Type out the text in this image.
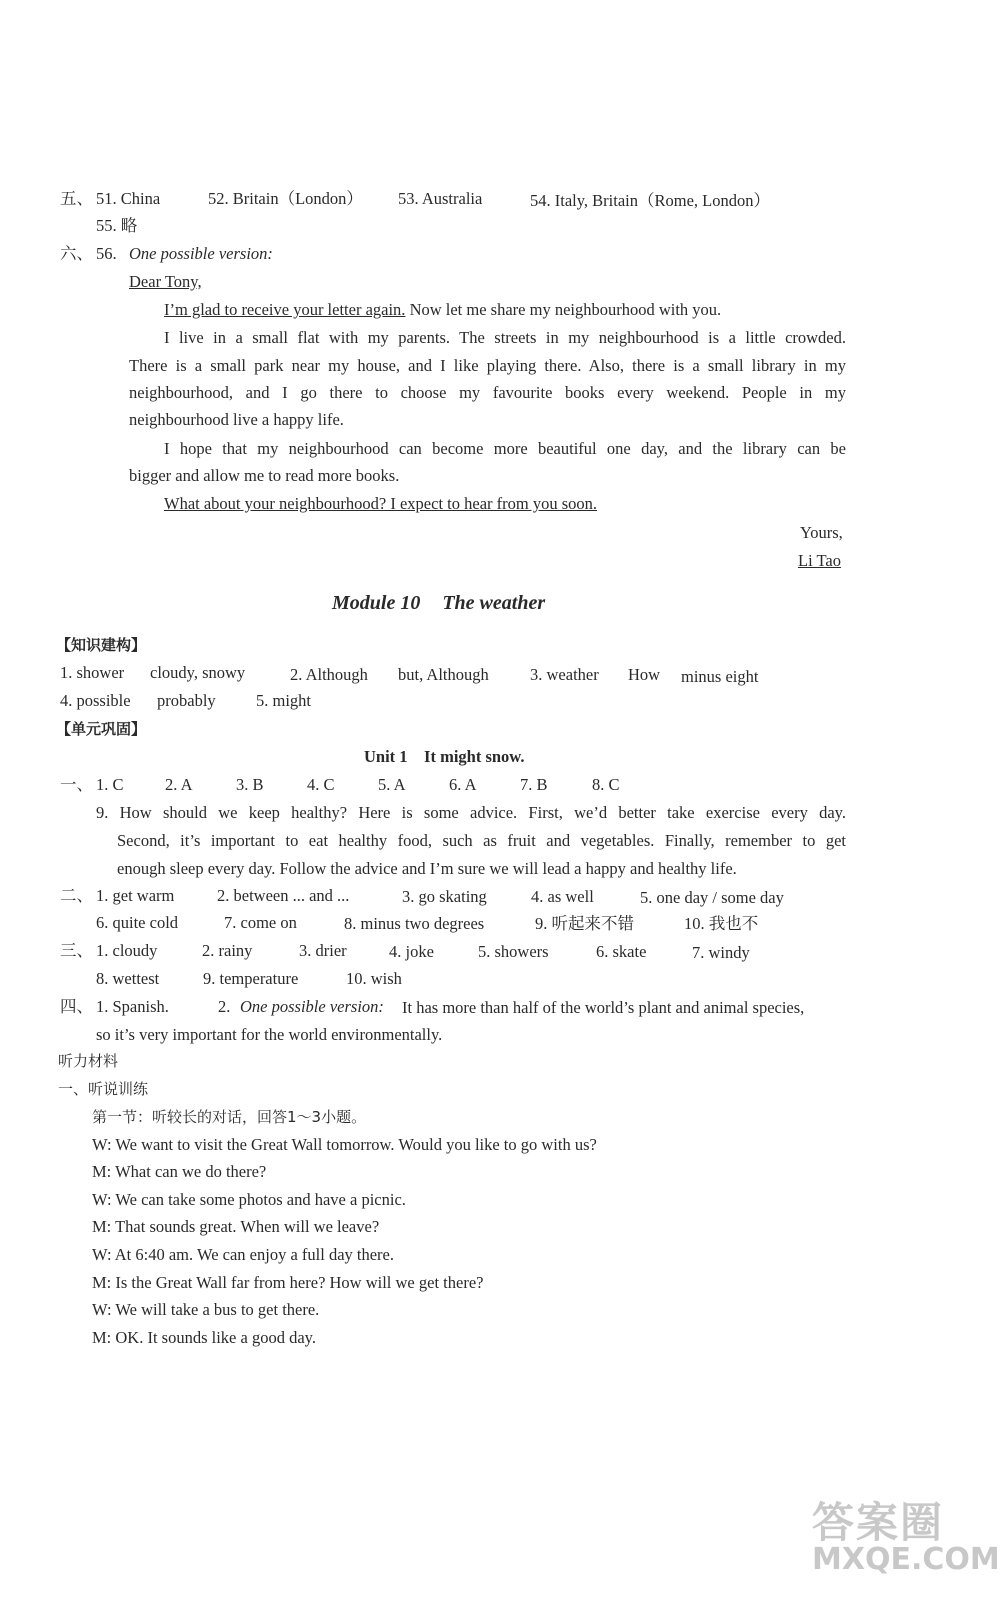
五、 51. China	52. Britain（London） 53. Australia	54. Italy, Britain（Rome, London）
55. 略
六、 56. One possible version:
Dear Tony,
I’m glad to receive your letter again. Now let me share my neighbourhood with you.
I live in a small flat with my parents. The streets in my neighbourhood is a little crowded.
There is a small park near my house, and I like playing there. Also, there is a small library in my
neighbourhood, and I go there to choose my favourite books every weekend. People in my
neighbourhood live a happy life.
I hope that my neighbourhood can become more beautiful one day, and the library can be
bigger and allow me to read more books.
What about your neighbourhood? I expect to hear from you soon.
Yours,
Li Tao
Module 10 The weather
【知识建构】
1. shower cloudy, snowy	2. Although but, Although 3. weather How minus eight
4. possible probably 5. might
【单元巩固】
Unit 1    It might snow.
一、 1. C	2. A	3. B	4. C	5. A	6. A	7. B	8. C
9. How should we keep healthy? Here is some advice. First, we’d better take exercise every day.
Second, it’s important to eat healthy food, such as fruit and vegetables. Finally, remember to get
enough sleep every day. Follow the advice and I’m sure we will lead a happy and healthy life.
二、 1. get warm	2. between ... and ...	3. go skating	4. as well	5. one day / some day
6. quite cold	7. come on	8. minus two degrees	9. 听起来不错	10. 我也不
三、 1. cloudy	2. rainy	3. drier	4. joke	5. showers	6. skate	7. windy
8. wettest	9. temperature	10. wish
四、 1. Spanish.	2. One possible version: It has more than half of the world’s plant and animal species,
so it’s very important for the world environmentally.
听力材料
一、听说训练
第一节：听较长的对话，回答1～3小题。
W: We want to visit the Great Wall tomorrow. Would you like to go with us?
M: What can we do there?
W: We can take some photos and have a picnic.
M: That sounds great. When will we leave?
W: At 6:40 am. We can enjoy a full day there.
M: Is the Great Wall far from here? How will we get there?
W: We will take a bus to get there.
M: OK. It sounds like a good day.
答案圈
MXQE.COM
